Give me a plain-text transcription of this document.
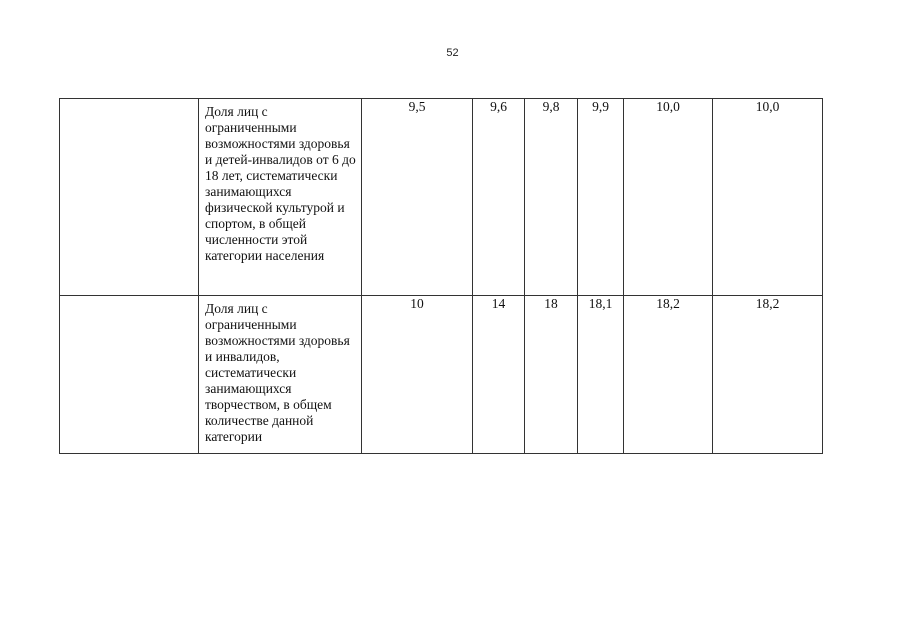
52

	Доля лиц с ограниченными возможностями здоровья и детей-инвалидов от 6 до 18 лет, систематически занимающихся физической культурой и спортом, в общей численности этой категории населения	9,5	9,6	9,8	9,9	10,0	10,0

	Доля лиц с ограниченными возможностями здоровья и инвалидов, систематически занимающихся творчеством, в общем количестве данной категории	10	14	18	18,1	18,2	18,2
